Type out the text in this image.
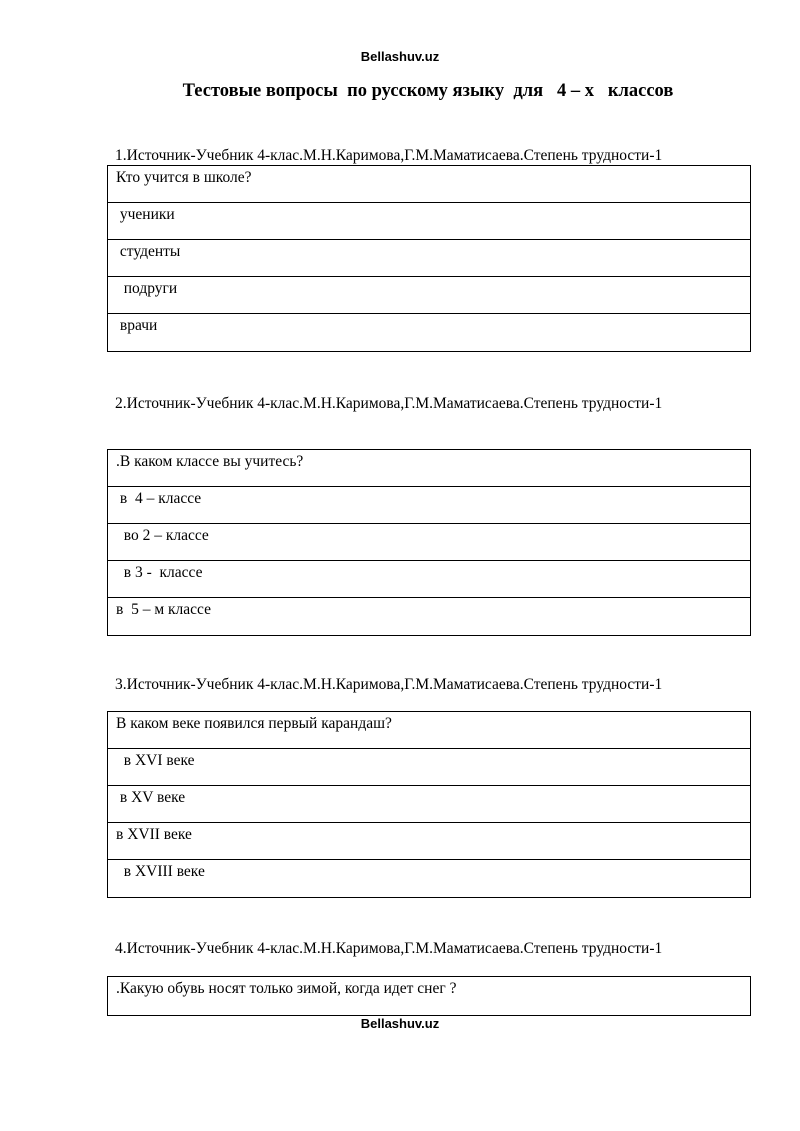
Bellashuv.uz
Тестовые вопросы  по русскому языку  для   4 – х   классов
1.Источник-Учебник 4-клас.М.Н.Каримова,Г.М.Маматисаева.Степень трудности-1
Кто учится в школе?
ученики
студенты
подруги
врачи
2.Источник-Учебник 4-клас.М.Н.Каримова,Г.М.Маматисаева.Степень трудности-1
.В каком классе вы учитесь?
в  4 – классе
во 2 – классе
в 3 -  классе
в  5 – м классе
3.Источник-Учебник 4-клас.М.Н.Каримова,Г.М.Маматисаева.Степень трудности-1
В каком веке появился первый карандаш?
в XVI веке
в XV веке
в XVII веке
в XVIII веке
4.Источник-Учебник 4-клас.М.Н.Каримова,Г.М.Маматисаева.Степень трудности-1
.Какую обувь носят только зимой, когда идет снег ?
Bellashuv.uz
